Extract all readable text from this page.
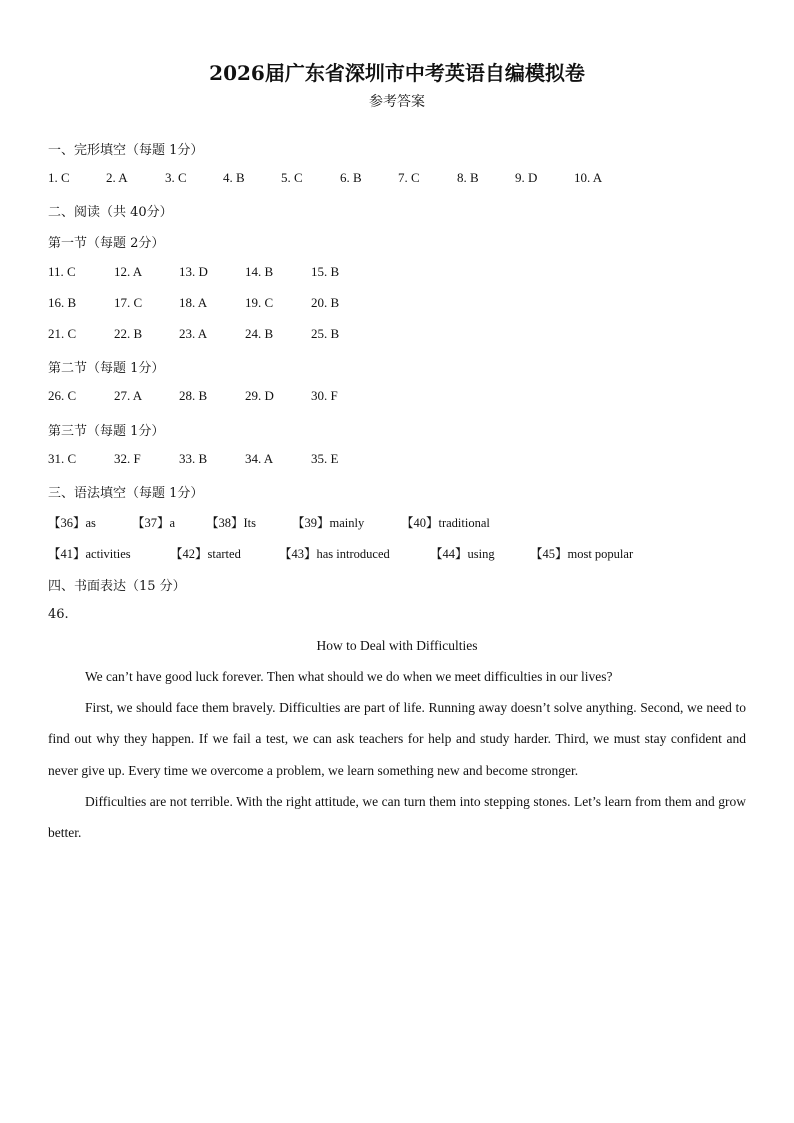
2026届广东省深圳市中考英语自编模拟卷
参考答案
一、完形填空（每题 1分）
1. C	2. A	3. C	4. B	5. C	6. B	7. C	8. B	9. D	10. A
二、阅读（共 40分）
第一节（每题 2分）
11. C	12. A	13. D	14. B	15. B
16. B	17. C	18. A	19. C	20. B
21. C	22. B	23. A	24. B	25. B
第二节（每题 1分）
26. C	27. A	28. B	29. D	30. F
第三节（每题 1分）
31. C	32. F	33. B	34. A	35. E
三、语法填空（每题 1分）
【36】as	【37】a 【38】Its	【39】mainly	【40】traditional
【41】activities	【42】started	【43】has introduced	【44】using	【45】most popular
四、书面表达（15 分）
46.
How to Deal with Difficulties

We can’t have good luck forever. Then what should we do when we meet difficulties in our lives?

First, we should face them bravely. Difficulties are part of life. Running away doesn’t solve anything. Second, we need to find out why they happen. If we fail a test, we can ask teachers for help and study harder. Third, we must stay confident and never give up. Every time we overcome a problem, we learn something new and become stronger.

Difficulties are not terrible. With the right attitude, we can turn them into stepping stones. Let’s learn from them and grow better.
